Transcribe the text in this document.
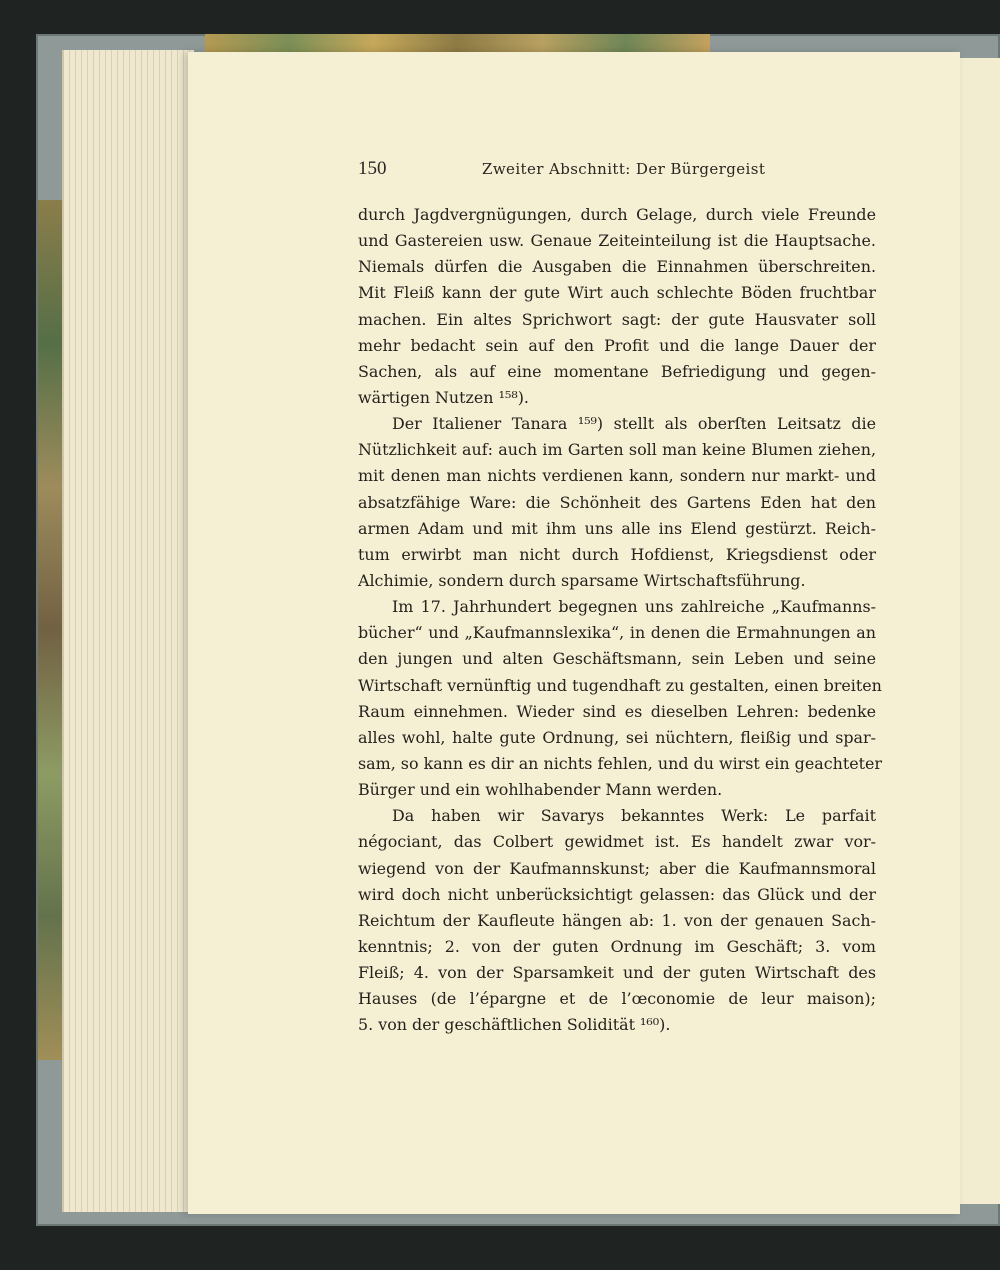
150	Zweiter Abschnitt: Der Bürgergeist
durch Jagdvergnügungen, durch Gelage, durch viele Freunde
und Gastereien usw. Genaue Zeiteinteilung ist die Hauptsache.
Niemals dürfen die Ausgaben die Einnahmen überschreiten.
Mit Fleiß kann der gute Wirt auch schlechte Böden fruchtbar
machen. Ein altes Sprichwort sagt: der gute Hausvater soll
mehr bedacht sein auf den Profit und die lange Dauer der
Sachen, als auf eine momentane Befriedigung und gegen-
wärtigen Nutzen ¹⁵⁸).
Der Italiener Tanara ¹⁵⁹) stellt als oberſten Leitsatz die
Nützlichkeit auf: auch im Garten soll man keine Blumen ziehen,
mit denen man nichts verdienen kann, sondern nur markt- und
absatzfähige Ware: die Schönheit des Gartens Eden hat den
armen Adam und mit ihm uns alle ins Elend gestürzt. Reich-
tum erwirbt man nicht durch Hofdienst, Kriegsdienst oder
Alchimie, sondern durch sparsame Wirtschaftsführung.
Im 17. Jahrhundert begegnen uns zahlreiche „Kaufmanns-
bücher“ und „Kaufmannslexika“, in denen die Ermahnungen an
den jungen und alten Geschäftsmann, sein Leben und seine
Wirtschaft vernünftig und tugendhaft zu gestalten, einen breiten
Raum einnehmen. Wieder sind es dieselben Lehren: bedenke
alles wohl, halte gute Ordnung, sei nüchtern, fleißig und spar-
sam, so kann es dir an nichts fehlen, und du wirst ein geachteter
Bürger und ein wohlhabender Mann werden.
Da haben wir Savarys bekanntes Werk: Le parfait
négociant, das Colbert gewidmet ist. Es handelt zwar vor-
wiegend von der Kaufmannskunst; aber die Kaufmannsmoral
wird doch nicht unberücksichtigt gelassen: das Glück und der
Reichtum der Kaufleute hängen ab: 1. von der genauen Sach-
kenntnis; 2. von der guten Ordnung im Geschäft; 3. vom
Fleiß; 4. von der Sparsamkeit und der guten Wirtschaft des
Hauses (de l’épargne et de l’œconomie de leur maison);
5. von der geschäftlichen Solidität ¹⁶⁰).
